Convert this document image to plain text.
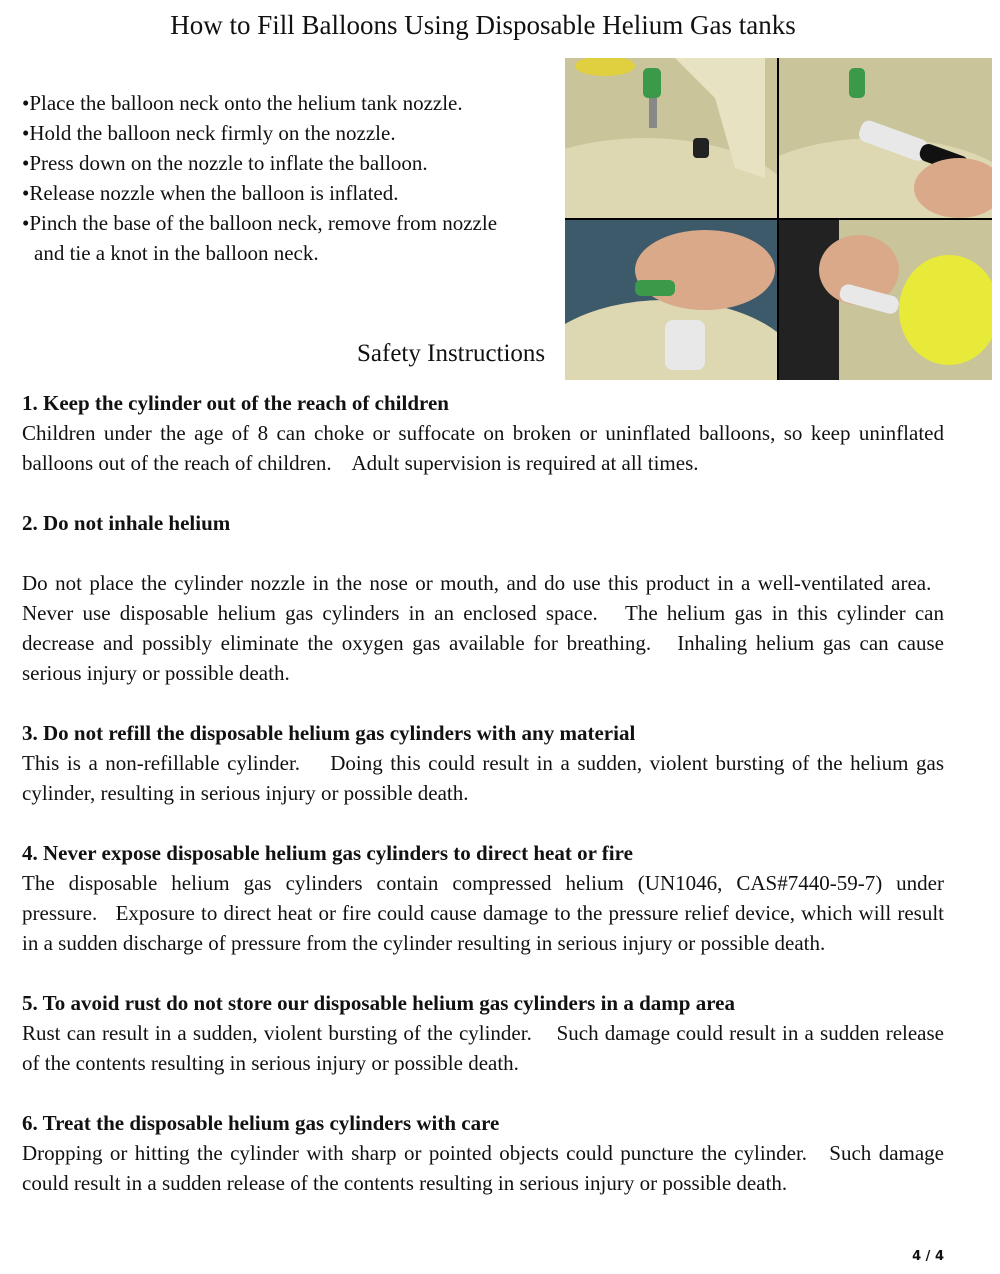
How to Fill Balloons Using Disposable Helium Gas tanks
•Place the balloon neck onto the helium tank nozzle.
•Hold the balloon neck firmly on the nozzle.
•Press down on the nozzle to inflate the balloon.
•Release nozzle when the balloon is inflated.
•Pinch the base of the balloon neck, remove from nozzle
and tie a knot in the balloon neck.
Safety Instructions
1. Keep the cylinder out of the reach of children
Children under the age of 8 can choke or suffocate on broken or uninflated balloons, so keep uninflated balloons out of the reach of children.    Adult supervision is required at all times.
2. Do not inhale helium
Do not place the cylinder nozzle in the nose or mouth, and do use this product in a well-ventilated area.   Never use disposable helium gas cylinders in an enclosed space.   The helium gas in this cylinder can decrease and possibly eliminate the oxygen gas available for breathing.   Inhaling helium gas can cause serious injury or possible death.
3. Do not refill the disposable helium gas cylinders with any material
This is a non-refillable cylinder.    Doing this could result in a sudden, violent bursting of the helium gas cylinder, resulting in serious injury or possible death.
4. Never expose disposable helium gas cylinders to direct heat or fire
The disposable helium gas cylinders contain compressed helium (UN1046, CAS#7440-59-7) under pressure.   Exposure to direct heat or fire could cause damage to the pressure relief device, which will result in a sudden discharge of pressure from the cylinder resulting in serious injury or possible death.
5. To avoid rust do not store our disposable helium gas cylinders in a damp area
Rust can result in a sudden, violent bursting of the cylinder.    Such damage could result in a sudden release of the contents resulting in serious injury or possible death.
6. Treat the disposable helium gas cylinders with care
Dropping or hitting the cylinder with sharp or pointed objects could puncture the cylinder.   Such damage could result in a sudden release of the contents resulting in serious injury or possible death.
4 / 4
